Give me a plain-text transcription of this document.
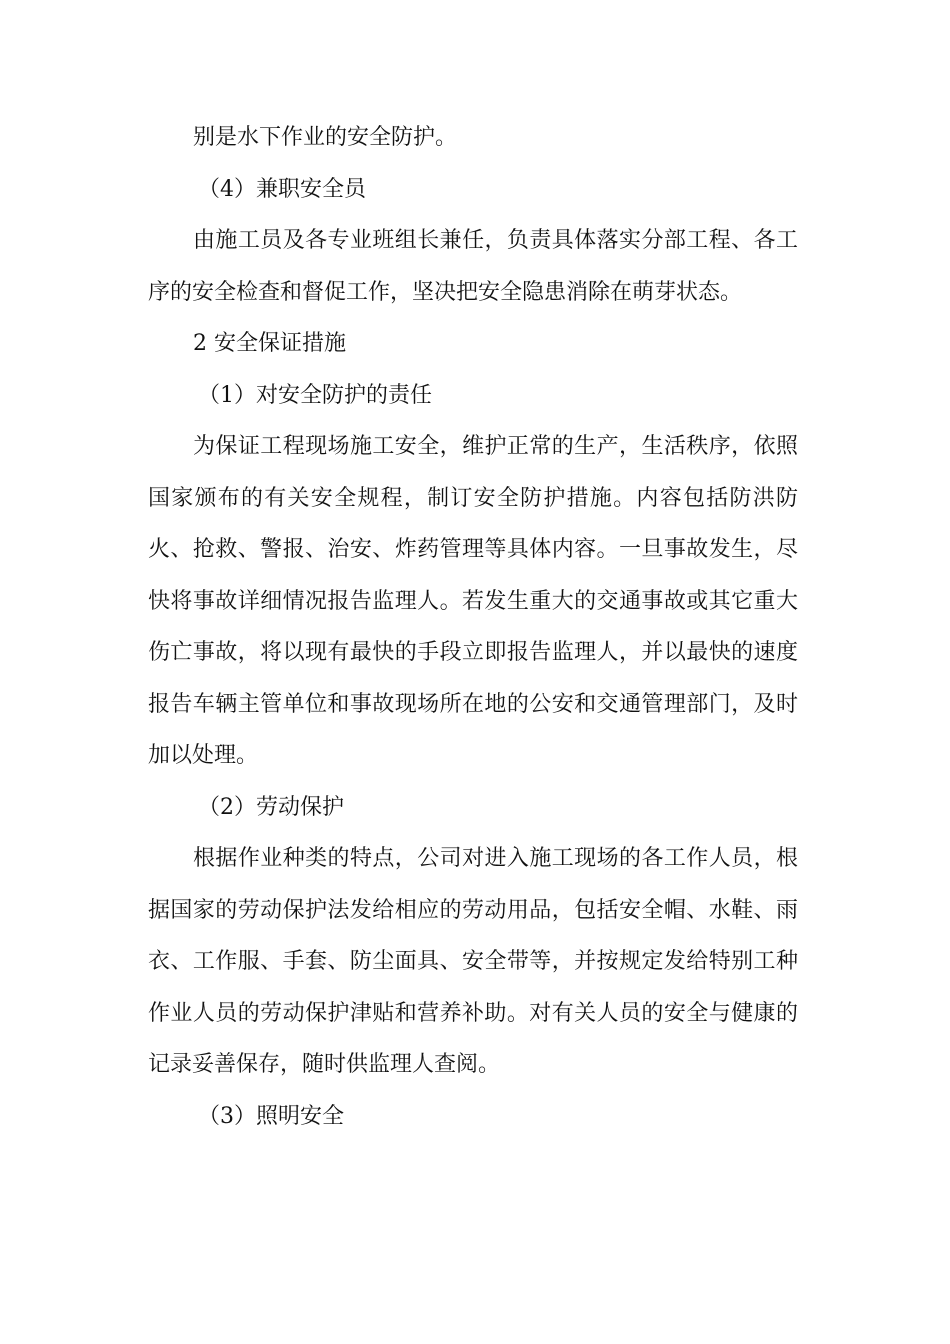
别是水下作业的安全防护。
（4）兼职安全员
由施工员及各专业班组长兼任，负责具体落实分部工程、各工
序的安全检查和督促工作，坚决把安全隐患消除在萌芽状态。
2 安全保证措施
（1）对安全防护的责任
为保证工程现场施工安全，维护正常的生产，生活秩序，依照
国家颁布的有关安全规程，制订安全防护措施。内容包括防洪防
火、抢救、警报、治安、炸药管理等具体内容。一旦事故发生，尽
快将事故详细情况报告监理人。若发生重大的交通事故或其它重大
伤亡事故，将以现有最快的手段立即报告监理人，并以最快的速度
报告车辆主管单位和事故现场所在地的公安和交通管理部门，及时
加以处理。
（2）劳动保护
根据作业种类的特点，公司对进入施工现场的各工作人员，根
据国家的劳动保护法发给相应的劳动用品，包括安全帽、水鞋、雨
衣、工作服、手套、防尘面具、安全带等，并按规定发给特别工种
作业人员的劳动保护津贴和营养补助。对有关人员的安全与健康的
记录妥善保存，随时供监理人查阅。
（3）照明安全
